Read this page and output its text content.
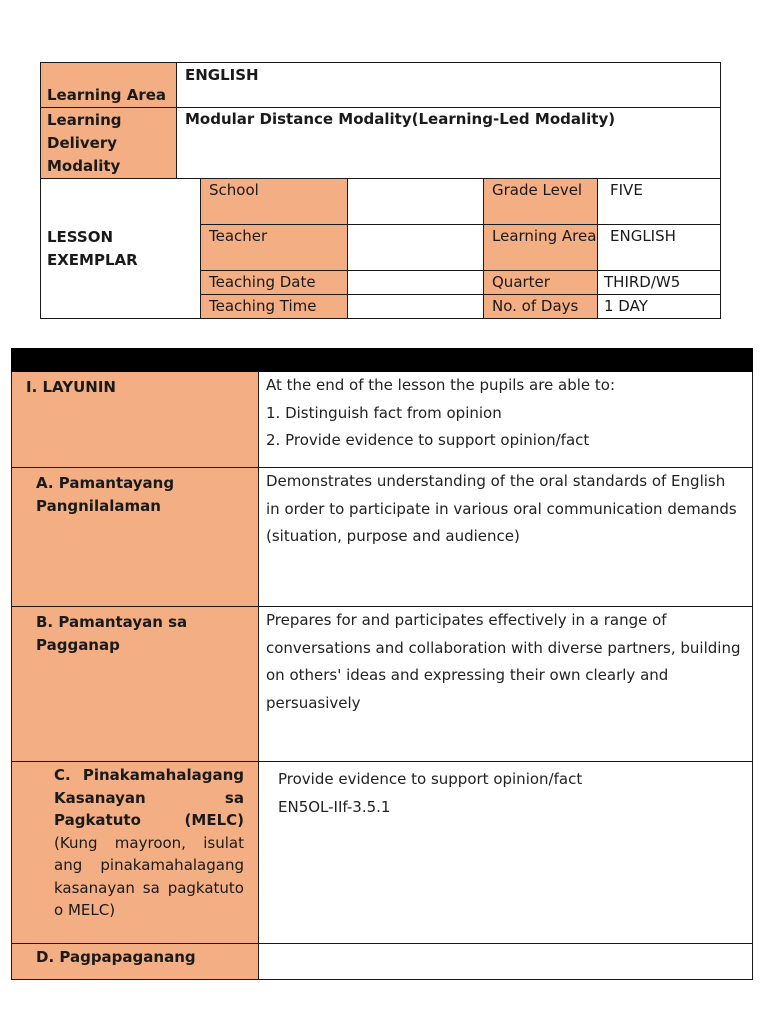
Learning Area	ENGLISH				
Learning Delivery Modality	Modular Distance Modality(Learning-Led Modality)				
LESSON EXEMPLAR		School		Grade Level	FIVE
		Teacher		Learning Area	ENGLISH
		Teaching Date		Quarter	THIRD/W5
		Teaching Time		No. of Days	1 DAY

I. LAYUNIN		At the end of the lesson the pupils are able to:

1. Distinguish fact from opinion

2. Provide evidence to support opinion/fact

A. Pamantayang Pangnilalaman		Demonstrates understanding of the oral standards of English in order to participate in various oral communication demands (situation, purpose and audience)
B. Pamantayan sa Pagganap		Prepares for and participates effectively in a range of conversations and collaboration with diverse partners, building on others' ideas and expressing their own clearly and persuasively
C. Pinakamahalagang Kasanayan sa Pagkatuto (MELC) (Kung mayroon, isulat ang pinakamahalagang kasanayan sa pagkatuto o MELC)		Provide evidence to support opinion/fact

EN5OL-IIf-3.5.1

D. Pagpapaganang		
